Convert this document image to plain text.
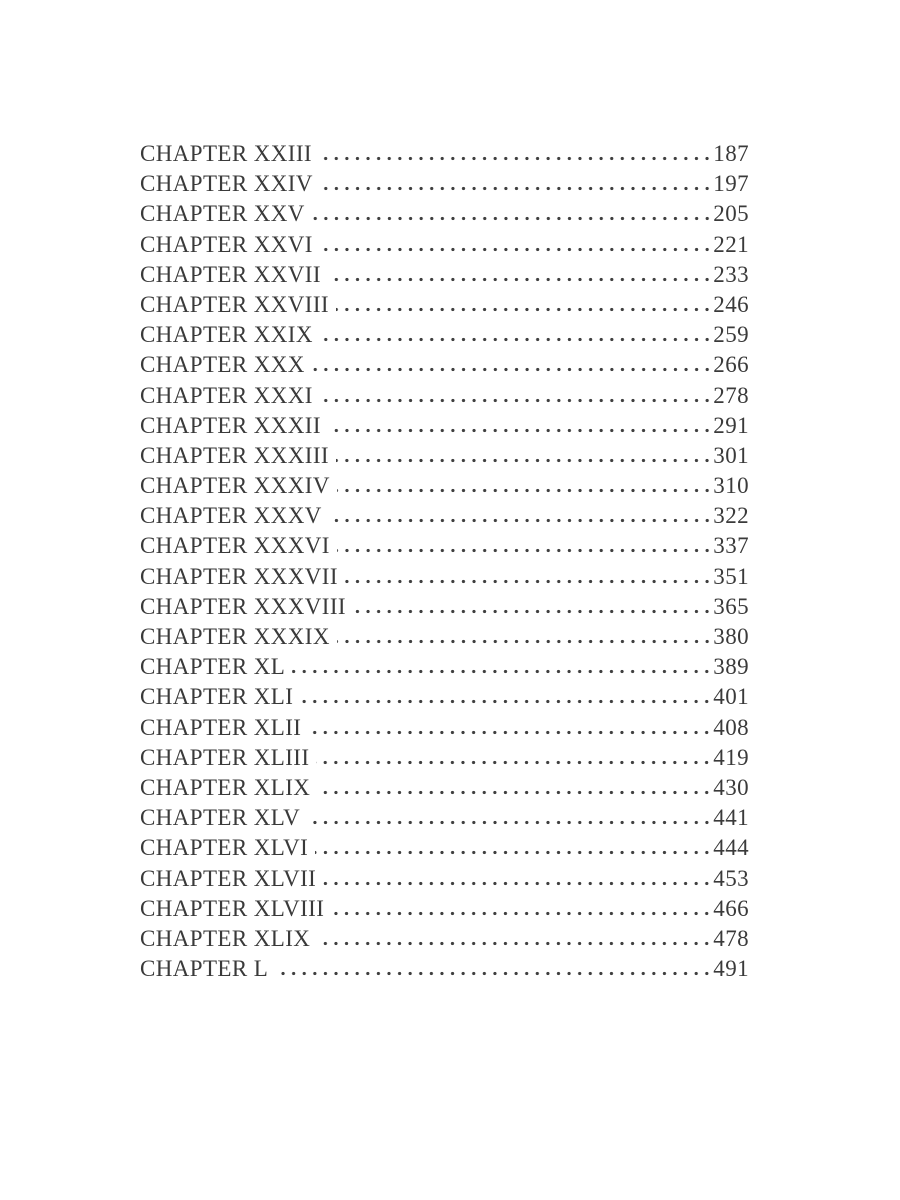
CHAPTER XXIII	187
CHAPTER XXIV	197
CHAPTER XXV	205
CHAPTER XXVI	221
CHAPTER XXVII	233
CHAPTER XXVIII	246
CHAPTER XXIX	259
CHAPTER XXX	266
CHAPTER XXXI	278
CHAPTER XXXII	291
CHAPTER XXXIII	301
CHAPTER XXXIV	310
CHAPTER XXXV	322
CHAPTER XXXVI	337
CHAPTER XXXVII	351
CHAPTER XXXVIII	365
CHAPTER XXXIX	380
CHAPTER XL	389
CHAPTER XLI	401
CHAPTER XLII	408
CHAPTER XLIII	419
CHAPTER XLIX	430
CHAPTER XLV	441
CHAPTER XLVI	444
CHAPTER XLVII	453
CHAPTER XLVIII	466
CHAPTER XLIX	478
CHAPTER L	491
